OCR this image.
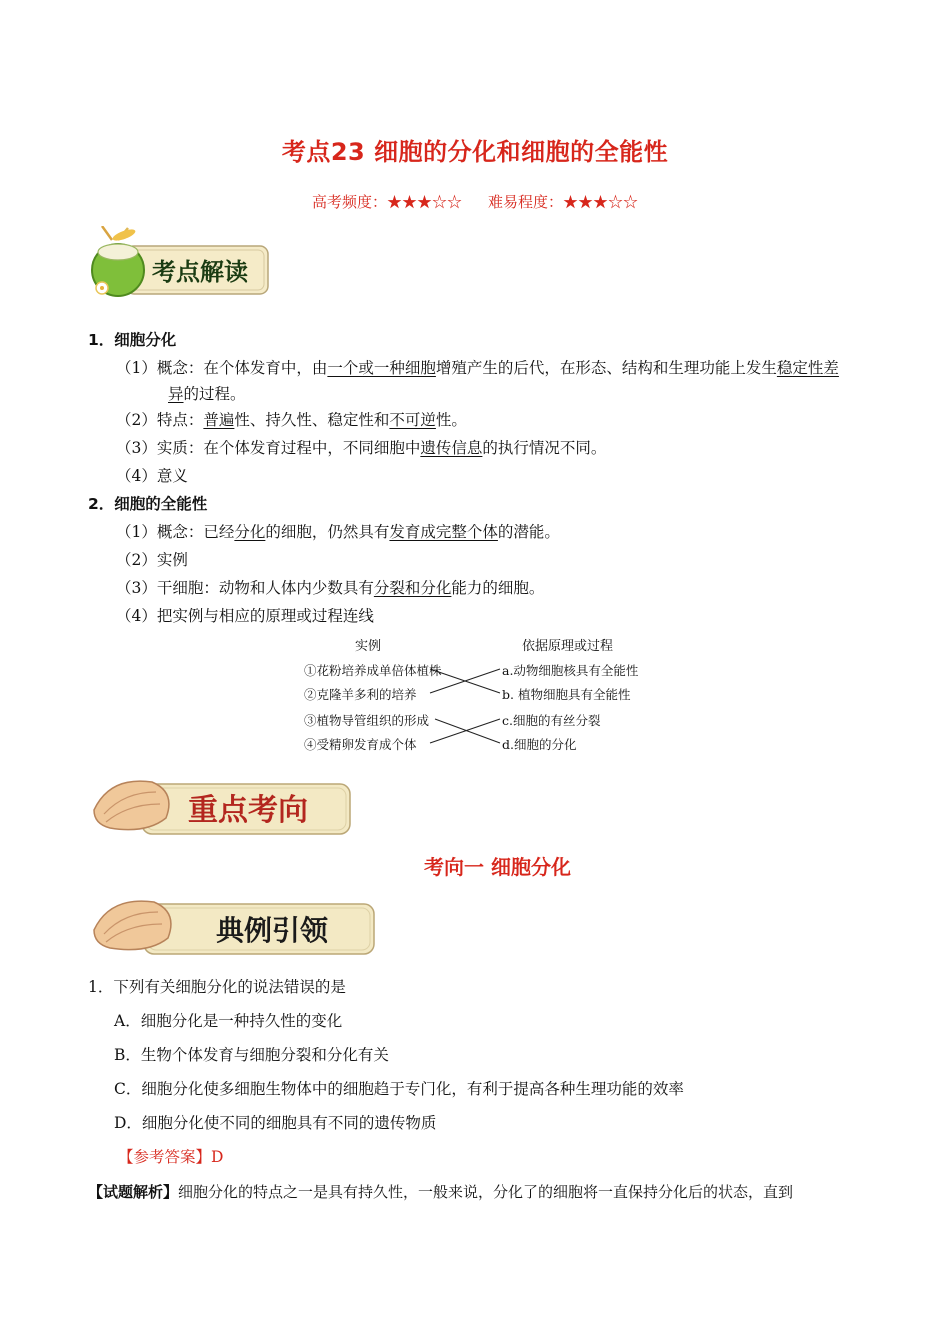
考点23 细胞的分化和细胞的全能性
高考频度：★★★☆☆ 难易程度：★★★☆☆
考点解读
1．细胞分化
（1）概念：在个体发育中，由一个或一种细胞增殖产生的后代，在形态、结构和生理功能上发生稳定性差
异的过程。
（2）特点：普遍性、持久性、稳定性和不可逆性。
（3）实质：在个体发育过程中，不同细胞中遗传信息的执行情况不同。
（4）意义
2．细胞的全能性
（1）概念：已经分化的细胞，仍然具有发育成完整个体的潜能。
（2）实例
（3）干细胞：动物和人体内少数具有分裂和分化能力的细胞。
（4）把实例与相应的原理或过程连线
实例	依据原理或过程
①花粉培养成单倍体植株
②克隆羊多利的培养
③植物导管组织的形成
④受精卵发育成个体
a.动物细胞核具有全能性
b. 植物细胞具有全能性
c.细胞的有丝分裂
d.细胞的分化
重点考向
考向一 细胞分化
典例引领
1．下列有关细胞分化的说法错误的是
A．细胞分化是一种持久性的变化
B．生物个体发育与细胞分裂和分化有关
C．细胞分化使多细胞生物体中的细胞趋于专门化，有利于提高各种生理功能的效率
D．细胞分化使不同的细胞具有不同的遗传物质
【参考答案】D
【试题解析】细胞分化的特点之一是具有持久性，一般来说，分化了的细胞将一直保持分化后的状态，直到
